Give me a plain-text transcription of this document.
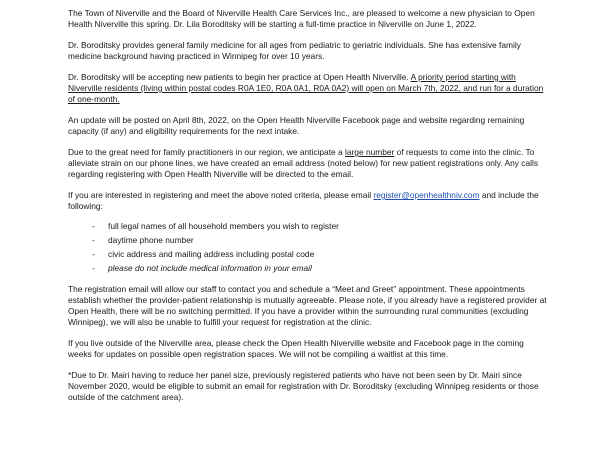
The Town of Niverville and the Board of Niverville Health Care Services Inc., are pleased to welcome a new physician to Open Health Niverville this spring. Dr. Lila Boroditsky will be starting a full-time practice in Niverville on June 1, 2022.

Dr. Boroditsky provides general family medicine for all ages from pediatric to geriatric individuals. She has extensive family medicine background having practiced in Winnipeg for over 10 years.

Dr. Boroditsky will be accepting new patients to begin her practice at Open Health Niverville. A priority period starting with Niverville residents (living within postal codes R0A 1E0, R0A 0A1, R0A 0A2) will open on March 7th, 2022, and run for a duration of one-month.

An update will be posted on April 8th, 2022, on the Open Health Niverville Facebook page and website regarding remaining capacity (if any) and eligibility requirements for the next intake.

Due to the great need for family practitioners in our region, we anticipate a large number of requests to come into the clinic. To alleviate strain on our phone lines, we have created an email address (noted below) for new patient registrations only. Any calls regarding registering with Open Health Niverville will be directed to the email.

If you are interested in registering and meet the above noted criteria, please email register@openhealthniv.com and include the following:

- full legal names of all household members you wish to register
- daytime phone number
- civic address and mailing address including postal code
- please do not include medical information in your email

The registration email will allow our staff to contact you and schedule a “Meet and Greet” appointment. These appointments establish whether the provider-patient relationship is mutually agreeable. Please note, if you already have a registered provider at Open Health, there will be no switching permitted. If you have a provider within the surrounding rural communities (excluding Winnipeg), we will also be unable to fulfill your request for registration at the clinic.

If you live outside of the Niverville area, please check the Open Health Niverville website and Facebook page in the coming weeks for updates on possible open registration spaces. We will not be compiling a waitlist at this time.

*Due to Dr. Mairi having to reduce her panel size, previously registered patients who have not been seen by Dr. Mairi since November 2020, would be eligible to submit an email for registration with Dr. Boroditsky (excluding Winnipeg residents or those outside of the catchment area).
